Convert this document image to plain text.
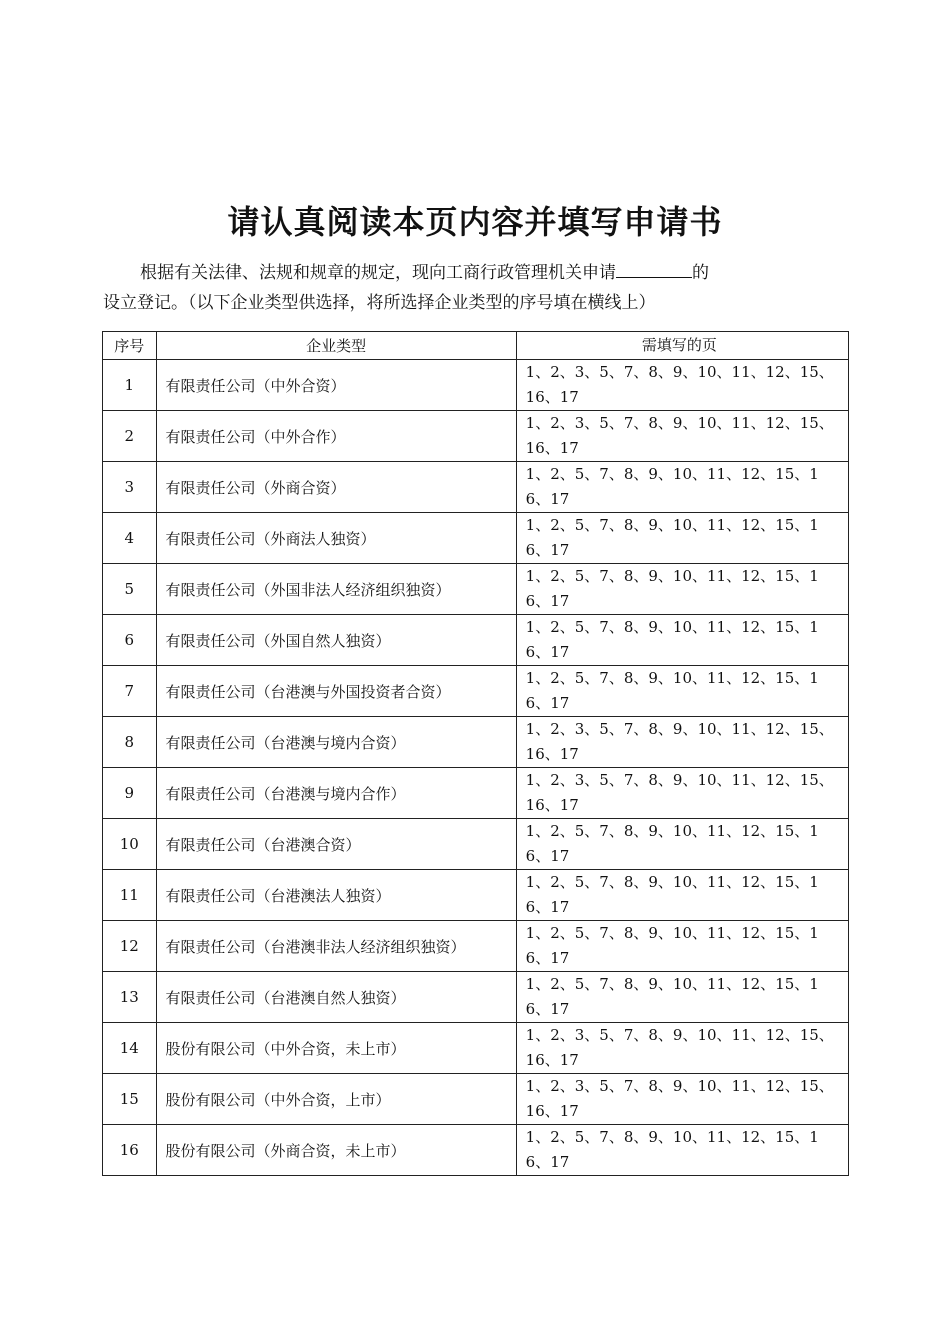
请认真阅读本页内容并填写申请书
根据有关法律、法规和规章的规定，现向工商行政管理机关申请	的
设立登记。（以下企业类型供选择，将所选择企业类型的序号填在横线上）
序号	企业类型	需填写的页
1	有限责任公司（中外合资）	1、2、3、5、7、8、9、10、11、12、15、16、17
2	有限责任公司（中外合作）	1、2、3、5、7、8、9、10、11、12、15、16、17
3	有限责任公司（外商合资）	1、2、5、7、8、9、10、11、12、15、16、17
4	有限责任公司（外商法人独资）	1、2、5、7、8、9、10、11、12、15、16、17
5	有限责任公司（外国非法人经济组织独资）	1、2、5、7、8、9、10、11、12、15、16、17
6	有限责任公司（外国自然人独资）	1、2、5、7、8、9、10、11、12、15、16、17
7	有限责任公司（台港澳与外国投资者合资）	1、2、5、7、8、9、10、11、12、15、16、17
8	有限责任公司（台港澳与境内合资）	1、2、3、5、7、8、9、10、11、12、15、16、17
9	有限责任公司（台港澳与境内合作）	1、2、3、5、7、8、9、10、11、12、15、16、17
10	有限责任公司（台港澳合资）	1、2、5、7、8、9、10、11、12、15、16、17
11	有限责任公司（台港澳法人独资）	1、2、5、7、8、9、10、11、12、15、16、17
12	有限责任公司（台港澳非法人经济组织独资）	1、2、5、7、8、9、10、11、12、15、16、17
13	有限责任公司（台港澳自然人独资）	1、2、5、7、8、9、10、11、12、15、16、17
14	股份有限公司（中外合资，未上市）	1、2、3、5、7、8、9、10、11、12、15、16、17
15	股份有限公司（中外合资，上市）	1、2、3、5、7、8、9、10、11、12、15、16、17
16	股份有限公司（外商合资，未上市）	1、2、5、7、8、9、10、11、12、15、16、17
